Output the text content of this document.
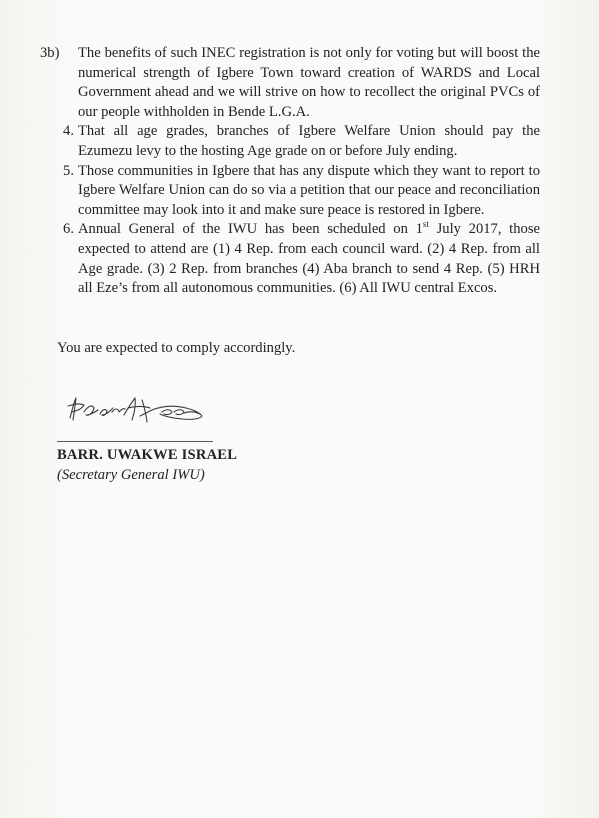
3b)	The benefits of such INEC registration is not only for voting but will boost the numerical strength of Igbere Town toward creation of WARDS and Local Government ahead and we will strive on how to recollect the original PVCs of our people withholden in Bende L.G.A.

4. That all age grades, branches of Igbere Welfare Union should pay the Ezumezu levy to the hosting Age grade on or before July ending.

5. Those communities in Igbere that has any dispute which they want to report to Igbere Welfare Union can do so via a petition that our peace and reconciliation committee may look into it and make sure peace is restored in Igbere.

6. Annual General of the IWU has been scheduled on 1st July 2017, those expected to attend are (1) 4 Rep. from each council ward. (2) 4 Rep. from all Age grade. (3) 2 Rep. from branches (4) Aba branch to send 4 Rep. (5) HRH all Eze’s from all autonomous communities. (6) All IWU central Excos.

You are expected to comply accordingly.

BARR. UWAKWE ISRAEL

(Secretary General IWU)
